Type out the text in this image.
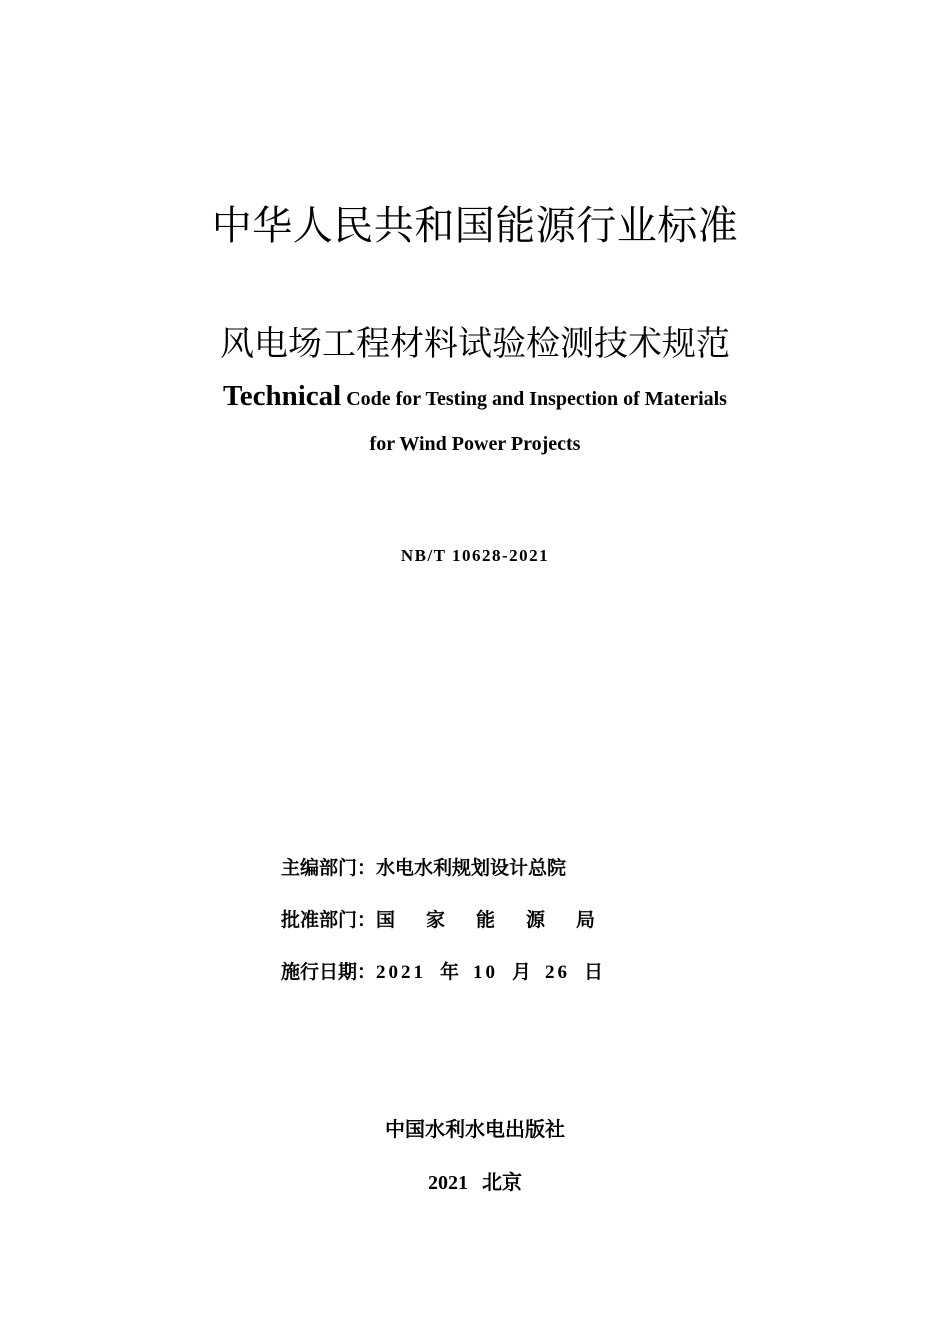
中华人民共和国能源行业标准
风电场工程材料试验检测技术规范
Technical Code for Testing and Inspection of Materials
for Wind Power Projects
NB/T 10628-2021
主编部门：水电水利规划设计总院
批准部门：国 家 能 源 局
施行日期：2021 年 10 月 26 日
中国水利水电出版社
2021 北京
